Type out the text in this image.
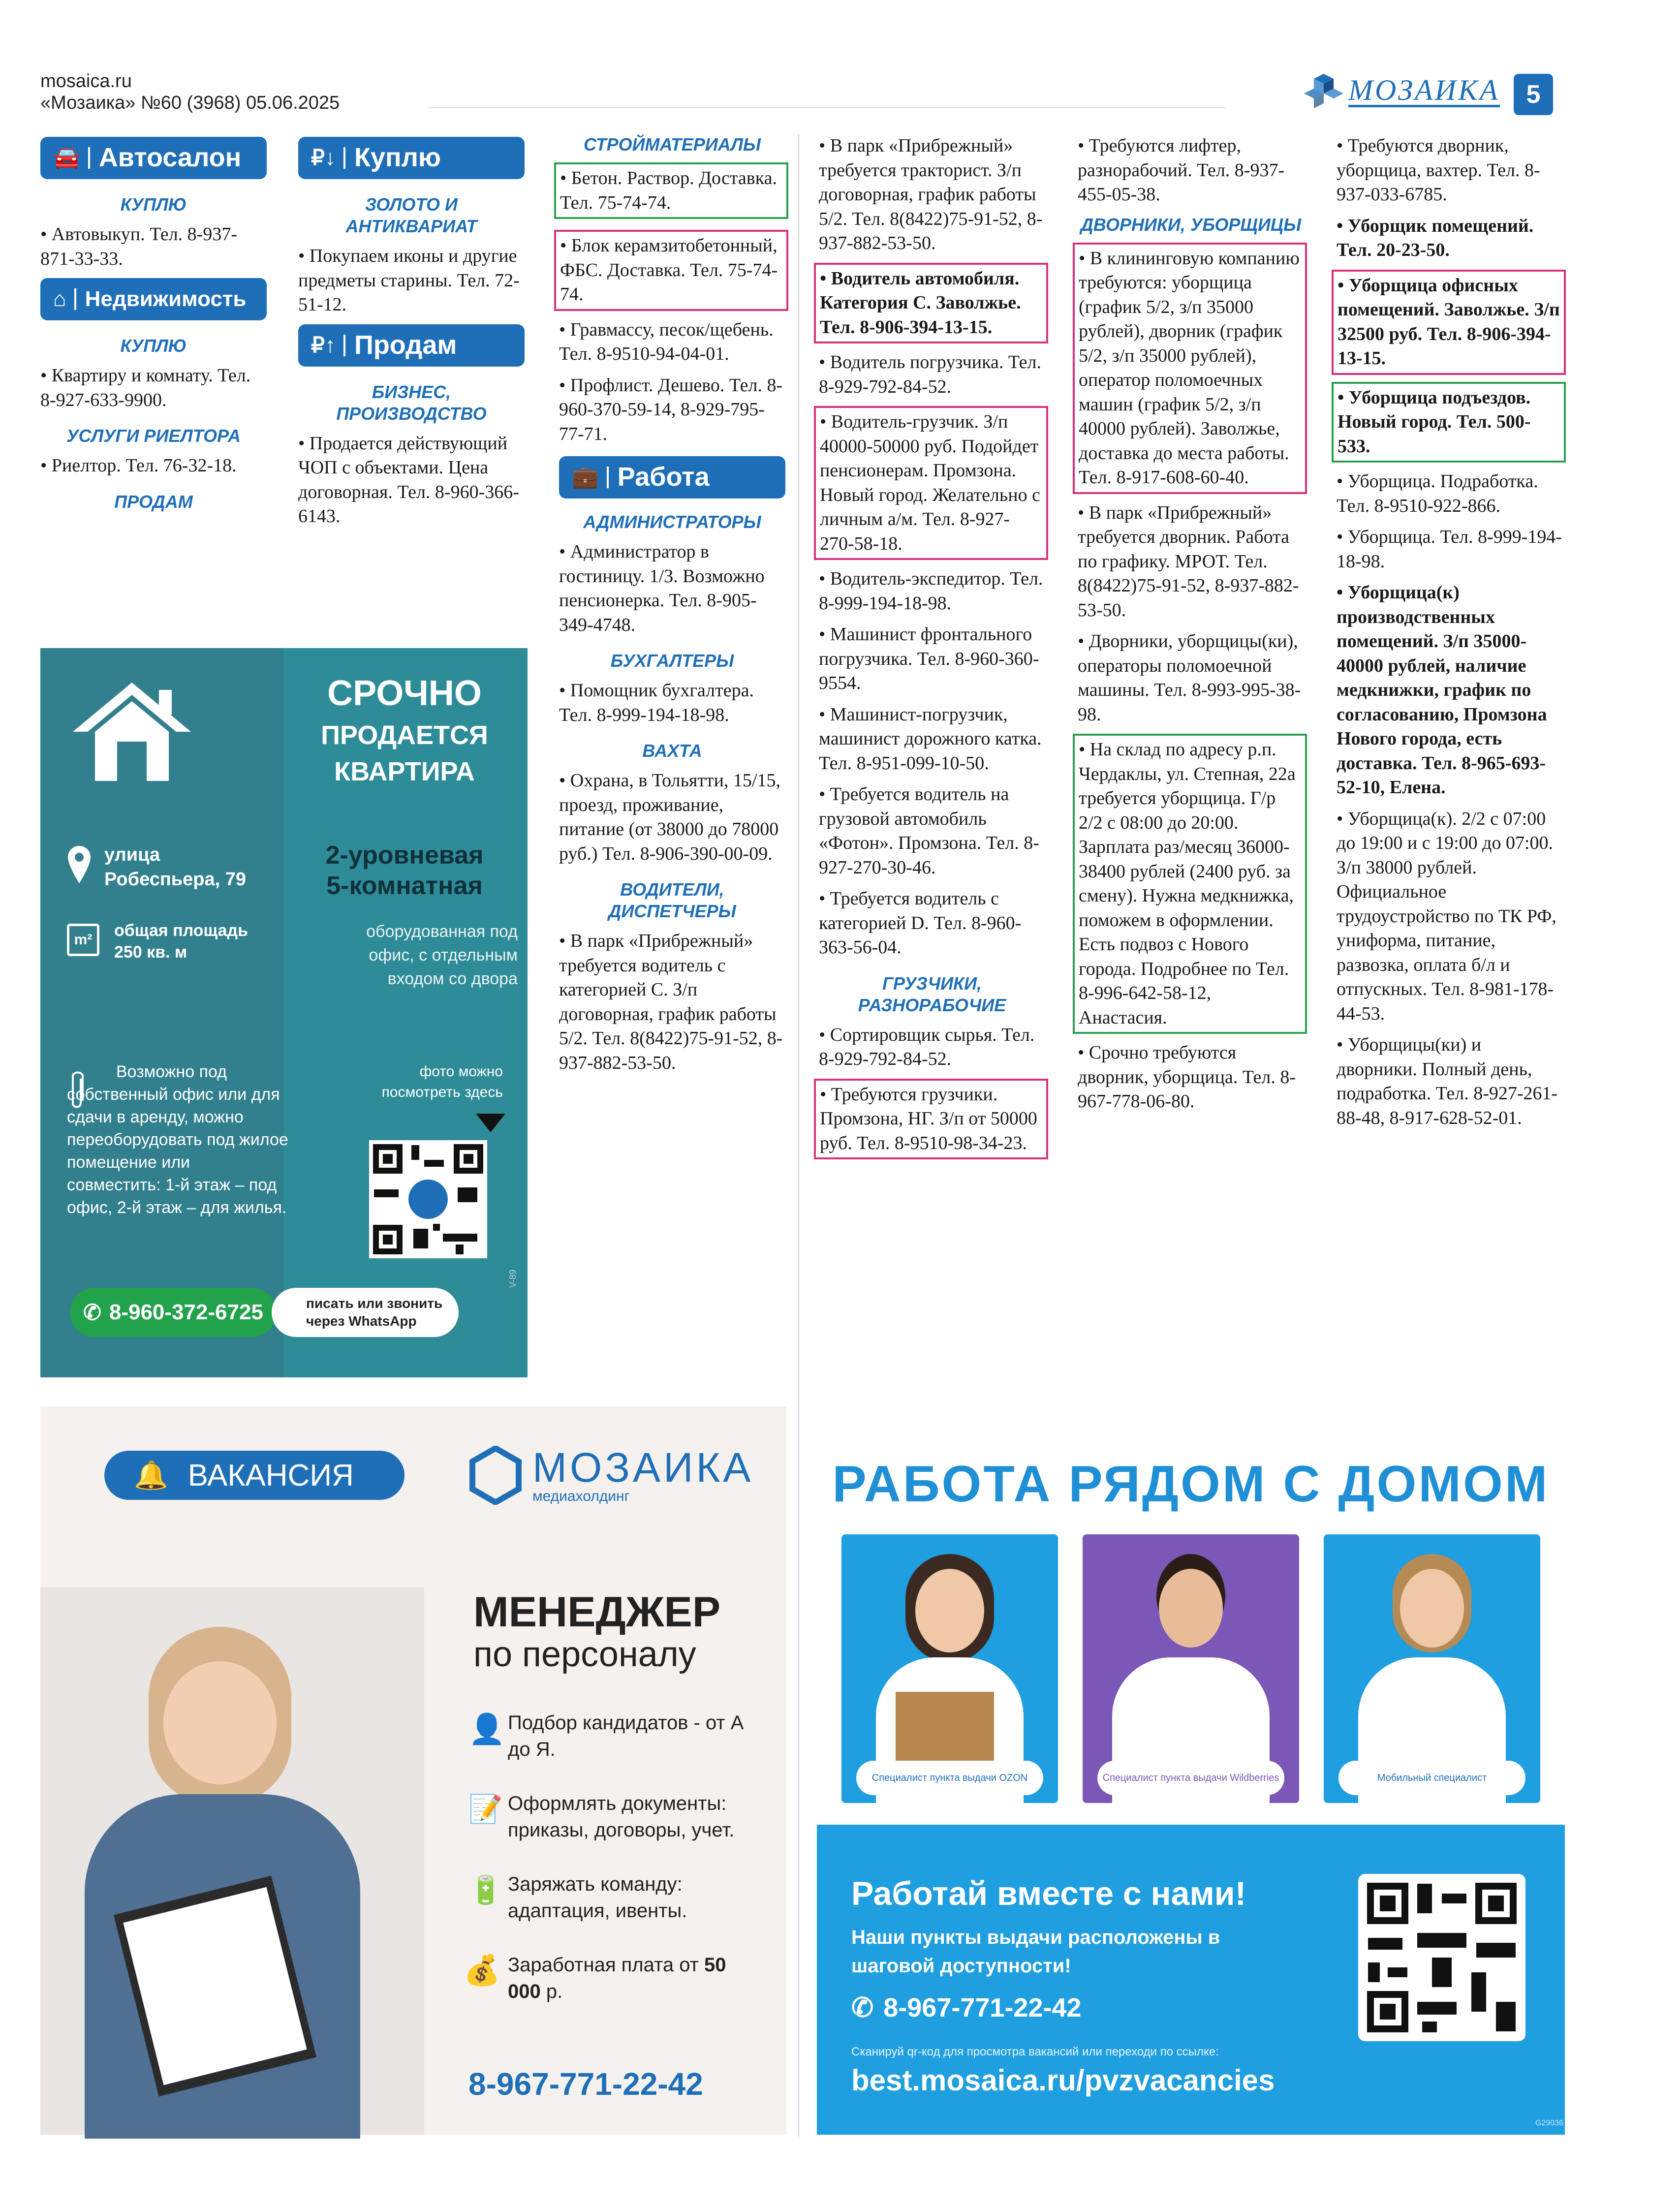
mosaica.ru
«Мозаика» №60 (3968) 05.06.2025	МОЗАИКА	5
🚘 Автосалон
КУПЛЮ

• Автовыкуп. Тел. 8-937-871-33-33.

⌂ Недвижимость
КУПЛЮ

• Квартиру и комнату. Тел. 8-927-633-9900.

УСЛУГИ РИЕЛТОРА

• Риелтор. Тел. 76-32-18.

ПРОДАМ
₽↓ Куплю
ЗОЛОТО И АНТИКВАРИАТ

• Покупаем иконы и другие предметы старины. Тел. 72-51-12.

₽↑ Продам
БИЗНЕС, ПРОИЗВОДСТВО

• Продается действующий ЧОП с объектами. Цена договорная. Тел. 8-960-366-6143.

СРОЧНО
ПРОДАЕТСЯ
КВАРТИРА
улица
Робеспьера, 79
m²	общая площадь
250 кв. м
2-уровневая
5-комнатная
оборудованная под офис, с отдельным входом со двора
Возможно под собственный офис или для сдачи в аренду, можно переоборудовать под жилое помещение или совместить: 1-й этаж – под офис, 2-й этаж – для жилья.
фото можно посмотреть здесь
✆ 8-960-372-6725	писать или звонить через WhatsApp
V-89
СТРОЙМАТЕРИАЛЫ

• Бетон. Раствор. Доставка. Тел. 75-74-74.

• Блок керамзитобетонный, ФБС. Доставка. Тел. 75-74-74.

• Гравмассу, песок/щебень. Тел. 8-9510-94-04-01.

• Профлист. Дешево. Тел. 8-960-370-59-14, 8-929-795-77-71.

💼 Работа
АДМИНИСТРАТОРЫ

• Администратор в гостиницу. 1/3. Возможно пенсионерка. Тел. 8-905-349-4748.

БУХГАЛТЕРЫ

• Помощник бухгалтера. Тел. 8-999-194-18-98.

ВАХТА

• Охрана, в Тольятти, 15/15, проезд, проживание, питание (от 38000 до 78000 руб.) Тел. 8-906-390-00-09.

ВОДИТЕЛИ, ДИСПЕТЧЕРЫ

• В парк «Прибрежный» требуется водитель с категорией С. З/п договорная, график работы 5/2. Тел. 8(8422)75-91-52, 8-937-882-53-50.

• В парк «Прибрежный» требуется тракторист. З/п договорная, график работы 5/2. Тел. 8(8422)75-91-52, 8-937-882-53-50.

• Водитель автомобиля. Категория С. Заволжье. Тел. 8-906-394-13-15.

• Водитель погрузчика. Тел. 8-929-792-84-52.

• Водитель-грузчик. З/п 40000-50000 руб. Подойдет пенсионерам. Промзона. Новый город. Желательно с личным а/м. Тел. 8-927-270-58-18.

• Водитель-экспедитор. Тел. 8-999-194-18-98.

• Машинист фронтального погрузчика. Тел. 8-960-360-9554.

• Машинист-погрузчик, машинист дорожного катка. Тел. 8-951-099-10-50.

• Требуется водитель на грузовой автомобиль «Фотон». Промзона. Тел. 8-927-270-30-46.

• Требуется водитель с категорией D. Тел. 8-960-363-56-04.

ГРУЗЧИКИ, РАЗНОРАБОЧИЕ

• Сортировщик сырья. Тел. 8-929-792-84-52.

• Требуются грузчики. Промзона, НГ. З/п от 50000 руб. Тел. 8-9510-98-34-23.

• Требуются лифтер, разнорабочий. Тел. 8-937-455-05-38.

ДВОРНИКИ, УБОРЩИЦЫ

• В клининговую компанию требуются: уборщица (график 5/2, з/п 35000 рублей), дворник (график 5/2, з/п 35000 рублей), оператор поломоечных машин (график 5/2, з/п 40000 рублей). Заволжье, доставка до места работы. Тел. 8-917-608-60-40.

• В парк «Прибрежный» требуется дворник. Работа по графику. МРОТ. Тел. 8(8422)75-91-52, 8-937-882-53-50.

• Дворники, уборщицы(ки), операторы поломоечной машины. Тел. 8-993-995-38-98.

• На склад по адресу р.п. Чердаклы, ул. Степная, 22а требуется уборщица. Г/р 2/2 с 08:00 до 20:00. Зарплата раз/месяц 36000-38400 рублей (2400 руб. за смену). Нужна медкнижка, поможем в оформлении. Есть подвоз с Нового города. Подробнее по Тел. 8-996-642-58-12, Анастасия.

• Срочно требуются дворник, уборщица. Тел. 8-967-778-06-80.

• Требуются дворник, уборщица, вахтер. Тел. 8-937-033-6785.

• Уборщик помещений. Тел. 20-23-50.

• Уборщица офисных помещений. Заволжье. З/п 32500 руб. Тел. 8-906-394-13-15.

• Уборщица подъездов. Новый город. Тел. 500-533.

• Уборщица. Подработка. Тел. 8-9510-922-866.

• Уборщица. Тел. 8-999-194-18-98.

• Уборщица(к) производственных помещений. З/п 35000-40000 рублей, наличие медкнижки, график по согласованию, Промзона Нового города, есть доставка. Тел. 8-965-693-52-10, Елена.

• Уборщица(к). 2/2 с 07:00 до 19:00 и с 19:00 до 07:00. З/п 38000 рублей. Официальное трудоустройство по ТК РФ, униформа, питание, развозка, оплата б/л и отпускных. Тел. 8-981-178-44-53.

• Уборщицы(ки) и дворники. Полный день, подработка. Тел. 8-927-261-88-48, 8-917-628-52-01.

🔔 ВАКАНСИЯ	МОЗАИКА
медиахолдинг
МЕНЕДЖЕР
по персоналу
👤 Подбор кандидатов - от А до Я.
📝 Оформлять документы: приказы, договоры, учет.
🔋 Заряжать команду: адаптация, ивенты.
💰 Заработная плата от 50 000 р.
8-967-771-22-42
РАБОТА РЯДОМ С ДОМОМ
Специалист пункта выдачи OZON	Специалист пункта выдачи Wildberries	Мобильный специалист
Работай вместе с нами!
Наши пункты выдачи расположены в шаговой доступности!
✆ 8-967-771-22-42
Сканируй qr-код для просмотра вакансий или переходи по ссылке:
best.mosaica.ru/pvzvacancies
G29036
